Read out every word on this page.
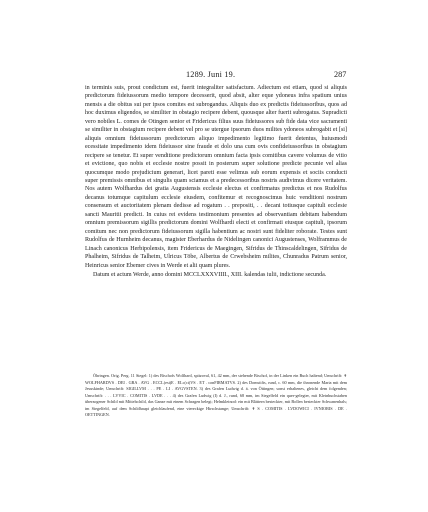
1289. Juni 19.	287

in terminis suis, prout condictum est, fuerit integraliter satisfactum. Adiectum est etiam, quod si aliquis predictorum fideiussorum medio tempore decesserit, quod absit, alter eque ydoneus infra spatium unius mensis a die obitus sui per ipsos comites est subrogandus. Aliquis duo ex predictis fideiussoribus, quos ad hoc duximus eligendos, se similiter in obstagio recipere debent, quousque alter fuerit subrogatus. Supradicti vero nobiles L. comes de Otingen senior et Fridericus filius suus fideiussores sub fide data vice sacramenti se similiter in obstagium recipere debent vel pro se utergue ipsorum duos milites ydoneos subrogabit et [si] aliquis omnium fideiussorum predictorum aliquo impedimento legitimo fuerit detentus, huiusmodi ecessitate impedimento idem fideiussor sine fraude et dolo una cum ovis confideiussoribus in obstagium recipere se tenetur. Et super venditione predictorum omnium facta ipsis comitibus cavere volumus de vitio et evictione, quo nobis et ecclesie nostre possit in posterum super solutione predicte pecunie vel alias quocumque modo prejudicium generari, licet pareti esse velimus sub eorum expensis et sociis conducti super premissis omnibus et singulis quam sciamus et a predecessoribus nostris audivimus dicere veritatem. Nos autem Wolfhardus dei gratia Augustensis ecclesie electus et confirmatus predictus et nos Rudolfus decanus totumque capitulum ecclesie eiusdem, confitemur et recognoscimus huic venditioni nostrum consensum et auctoritatem plenam dedisse ad rogatum . . prepositi, . . decani totiusque capituli ecclesie sancti Mauritii predicti. In cuius rei evidens testimonium presentes ad observantiam debitam habendum omnium premissorum sigillis predictorum domini Wolfhardi electi et confirmati eiusque capituli, ipsorum comitum nec non predictorum fideiussorum sigilla habentium ac nostri sunt fideliter roborate. Testes sunt Rudolfus de Hurnheim decanus, magister Eberhardus de Nidelingen canonici Augustenses, Wolframmus de Linach canonicus Herbipolensis, item Fridericus de Maegingen, Sifridus de Thinscaldelingen, Sifridus de Phalheim, Sifridus de Talheim, Ulricus Töbe, Albertus de Crwebsheim milites, Chunradus Patrum senior, Heinricus senior Ebemer cives in Werde et alii quam plures.

Datum et actum Werde, anno domini MCCLXXXVIIII., XIII. kalendas iulii, indictione secunda.

Öhringen. Orig. Perg. 11 Siegel: 1) des Bischofs Wolfhard, spitzoval, 61, 42 mm, der stehende Bischof, in der Linken ein Buch haltend; Umschrift: ✝ WOLFHARDVS . DEI . GRA . AVG . ECCL(esi)E . ELc(ct)VS . ET . conFIRMATVS. 2) des Domstifts, rund, c. 60 mm, die thronende Maria mit dem Jesuskinde; Umschrift: SIGILLVM . . . PE . LI . AVGVSTEN. 3) des Grafen Ludwig d. ä. von Öttingen; sonst erhaltenes, gleicht dem folgenden; Umschrift: . . . LVVIC . COMITIS . LVDE . . . 4) des Grafen Ludwig (I) d. J., rund, 68 mm, im Siegelfeld ein quer-gelegter, mit Kleinbuchstaben überzogener Schild mit Mittelschild, das Ganze mit einem Schragen belegt; Helmkleinod: ein mit Blättern besteckter, mit Bollen besteckter Schwanenhals; im Siegelfeld, auf dem Schildhaupt gleichlaufend, eine viereckige Hirschstange; Umschrift: ✝ S . COMITIS . LVDOWICI . IVNIORIS . DE . OETTINGEN.
